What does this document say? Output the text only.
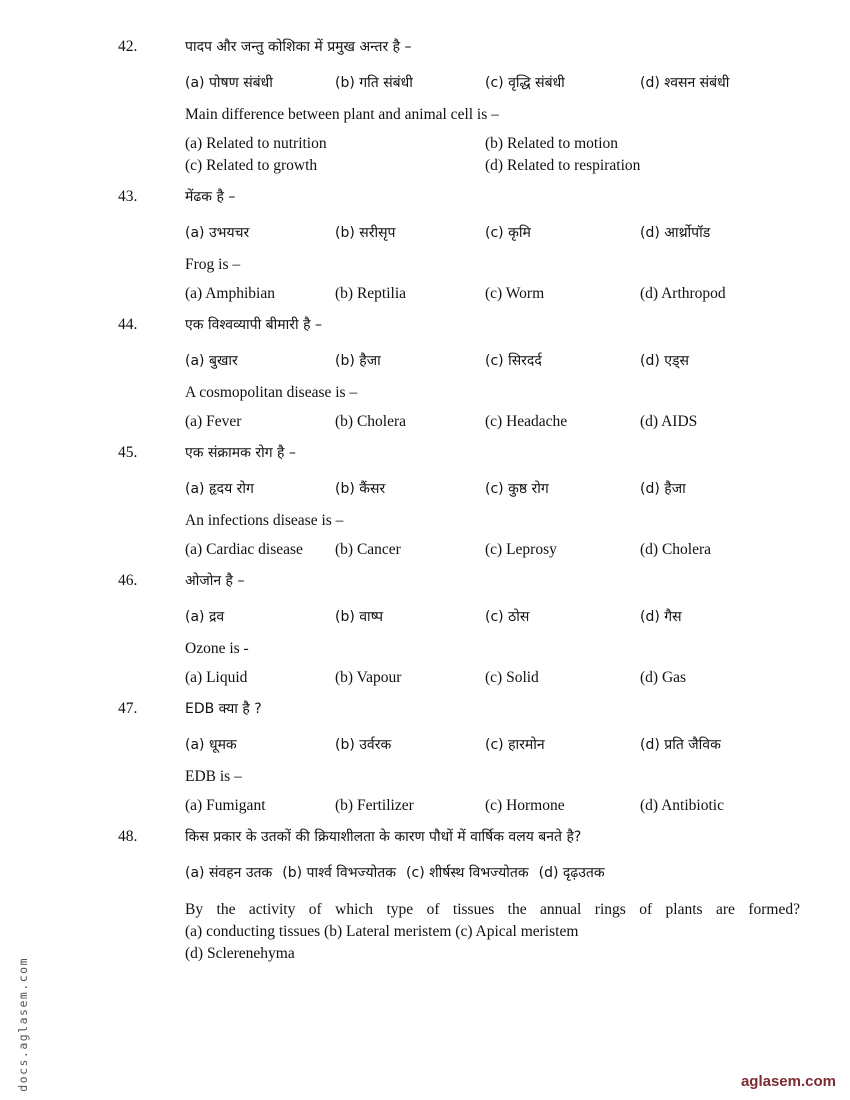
42.	पादप और जन्तु कोशिका में प्रमुख अन्तर है –
(a) पोषण संबंधी	(b) गति संबंधी	(c) वृद्धि संबंधी	(d) श्वसन संबंधी
Main difference between plant and animal cell is –
(a) Related to nutrition	(b) Related to motion
(c) Related to growth	(d) Related to respiration
43.	मेंढक है –
(a) उभयचर	(b) सरीसृप	(c) कृमि	(d) आर्थ्रोपॉड
Frog is –
(a) Amphibian	(b) Reptilia	(c) Worm	(d) Arthropod
44.	एक विश्वव्यापी बीमारी है –
(a) बुखार	(b) हैजा	(c) सिरदर्द	(d) एड्स
A cosmopolitan disease is –
(a) Fever	(b) Cholera	(c) Headache	(d) AIDS
45.	एक संक्रामक रोग है –
(a) हृदय रोग	(b) कैंसर	(c) कुष्ठ रोग	(d) हैजा
An infections disease is –
(a) Cardiac disease	(b) Cancer	(c) Leprosy	(d) Cholera
46.	ओजोन है –
(a) द्रव	(b) वाष्प	(c) ठोस	(d) गैस
Ozone is -
(a) Liquid	(b) Vapour	(c) Solid	(d) Gas
47.	EDB क्या है ?
(a) धूमक	(b) उर्वरक	(c) हारमोन	(d) प्रति जैविक
EDB is –
(a) Fumigant	(b) Fertilizer	(c) Hormone	(d) Antibiotic
48.	किस प्रकार के उतकों की क्रियाशीलता के कारण पौधों में वार्षिक वलय बनते है?
(a) संवहन उतक (b) पार्श्व विभज्योतक (c) शीर्षस्थ विभज्योतक (d) दृढ़उतक
By the activity of which type of tissues the annual rings of plants are formed?
(a) conducting tissues (b) Lateral meristem (c) Apical meristem
(d) Sclerenehyma
docs.aglasem.com	aglasem.com
